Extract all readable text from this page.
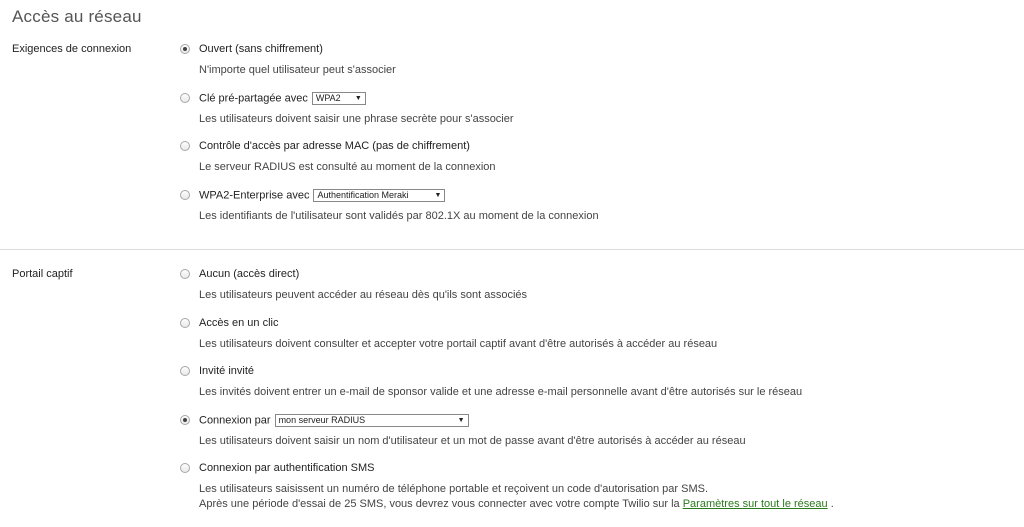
Accès au réseau
Exigences de connexion	Ouvert (sans chiffrement)
N'importe quel utilisateur peut s'associer
Clé pré-partagée avec WPA2 ▼
Les utilisateurs doivent saisir une phrase secrète pour s'associer
Contrôle d'accès par adresse MAC (pas de chiffrement)
Le serveur RADIUS est consulté au moment de la connexion
WPA2-Enterprise avec Authentification Meraki	▼
Les identifiants de l'utilisateur sont validés par 802.1X au moment de la connexion
Portail captif	Aucun (accès direct)
Les utilisateurs peuvent accéder au réseau dès qu'ils sont associés
Accès en un clic
Les utilisateurs doivent consulter et accepter votre portail captif avant d'être autorisés à accéder au réseau
Invité invité
Les invités doivent entrer un e-mail de sponsor valide et une adresse e-mail personnelle avant d'être autorisés sur le réseau
Connexion par mon serveur RADIUS	▼
Les utilisateurs doivent saisir un nom d'utilisateur et un mot de passe avant d'être autorisés à accéder au réseau
Connexion par authentification SMS
Les utilisateurs saisissent un numéro de téléphone portable et reçoivent un code d'autorisation par SMS.
Après une période d'essai de 25 SMS, vous devrez vous connecter avec votre compte Twilio sur la Paramètres sur tout le réseau .
